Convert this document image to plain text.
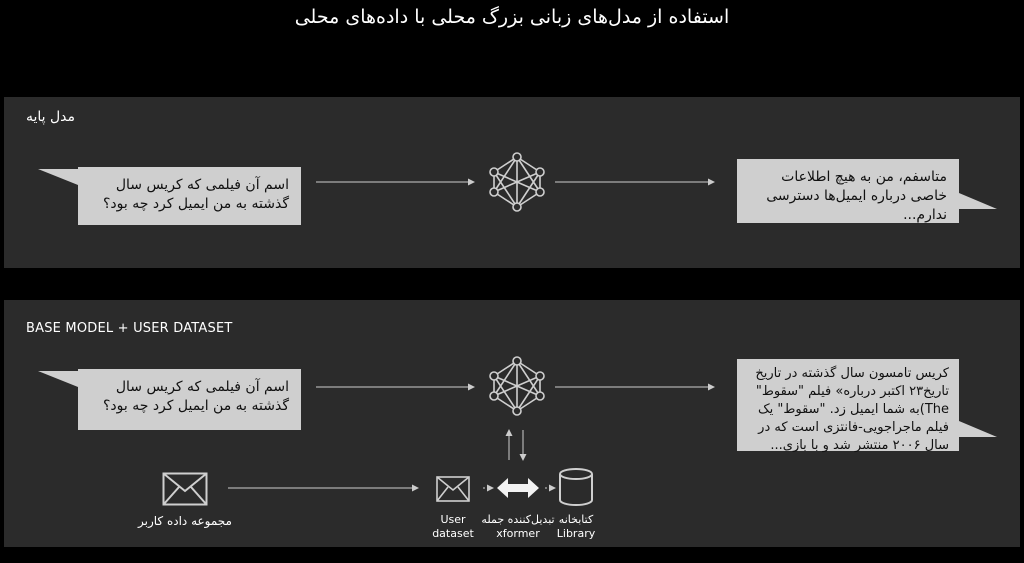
استفاده از مدل‌های زبانی بزرگ محلی با داده‌های محلی
مدل پایه
اسم آن فیلمی که کریس سال گذشته به من ایمیل کرد چه بود؟
متاسفم، من به هیچ اطلاعات خاصی درباره ایمیل‌ها دسترسی ندارم...
BASE MODEL + USER DATASET
اسم آن فیلمی که کریس سال گذشته به من ایمیل کرد چه بود؟
کریس تامسون سال گذشته در تاریخ تاریخ۲۳ اکتبر درباره» فیلم "سقوط" The)به شما ایمیل زد. "سقوط" یک فیلم ماجراجویی-فانتزی است که در سال ۲۰۰۶ منتشر شد و با بازی...
مجموعه داده کاربر	User
dataset
تبدیل‌کننده جمله
xformer
کتابخانه
Library
